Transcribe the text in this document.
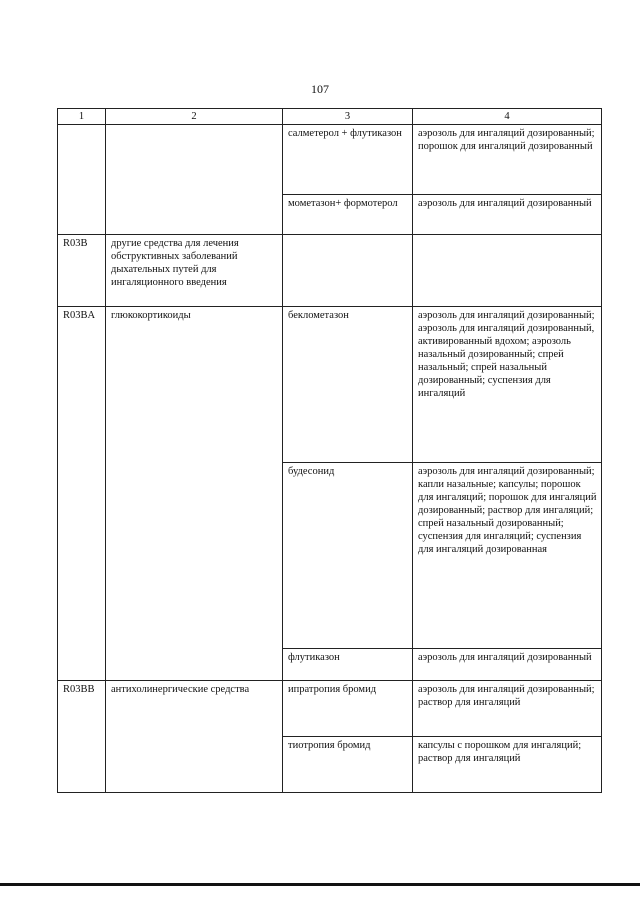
107
1	2	3	4
		салметерол + флутиказон	аэрозоль для ингаляций дозированный; порошок для ингаляций дозированный
		мометазон+ формотерол	аэрозоль для ингаляций дозированный
R03B	другие средства для лечения обструктивных заболеваний дыхательных путей для ингаляционного введения		
R03BA	глюкокортикоиды	беклометазон	аэрозоль для ингаляций дозированный; аэрозоль для ингаляций дозированный, активированный вдохом; аэрозоль назальный дозированный; спрей назальный; спрей назальный дозированный; суспензия для ингаляций
		будесонид	аэрозоль для ингаляций дозированный; капли назальные; капсулы; порошок для ингаляций; порошок для ингаляций дозированный; раствор для ингаляций; спрей назальный дозированный; суспензия для ингаляций; суспензия для ингаляций дозированная
		флутиказон	аэрозоль для ингаляций дозированный
R03BB	антихолинергические средства	ипратропия бромид	аэрозоль для ингаляций дозированный; раствор для ингаляций
		тиотропия бромид	капсулы с порошком для ингаляций; раствор для ингаляций
